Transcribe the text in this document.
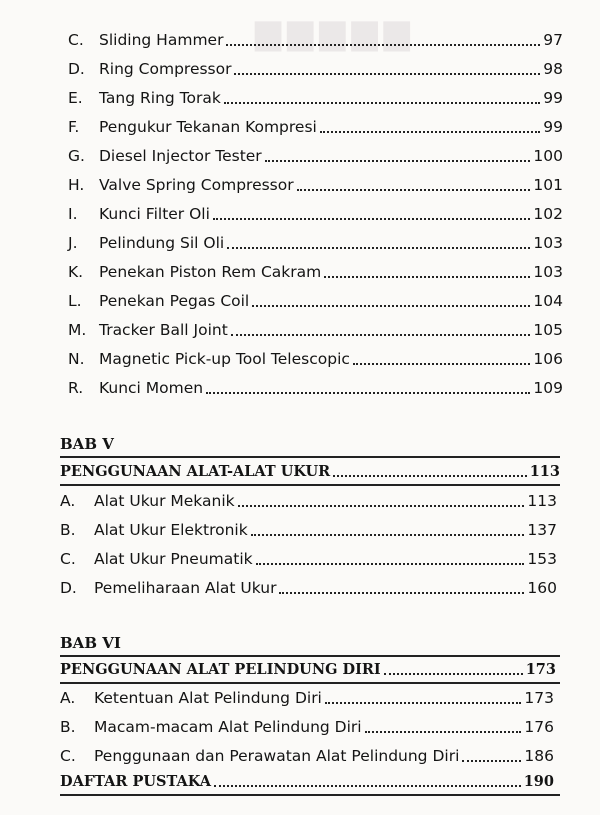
▆▆▆▆▆
C. Sliding Hammer	97
D. Ring Compressor	98
E.	Tang Ring Torak	99
F.	Pengukur Tekanan Kompresi	99
G. Diesel Injector Tester	100
H. Valve Spring Compressor	101
I.	Kunci Filter Oli	102
J.	Pelindung Sil Oli	103
K.	Penekan Piston Rem Cakram	103
L.	Penekan Pegas Coil	104
M. Tracker Ball Joint	105
N. Magnetic Pick-up Tool Telescopic	106
R.	Kunci Momen	109
BAB V
PENGGUNAAN ALAT-ALAT UKUR	113
A.	Alat Ukur Mekanik	113
B.	Alat Ukur Elektronik	137
C.	Alat Ukur Pneumatik	153
D.	Pemeliharaan Alat Ukur	160
BAB VI
PENGGUNAAN ALAT PELINDUNG DIRI	173
A.	Ketentuan Alat Pelindung Diri	173
B.	Macam-macam Alat Pelindung Diri	176
C.	Penggunaan dan Perawatan Alat Pelindung Diri	186
DAFTAR PUSTAKA	190
